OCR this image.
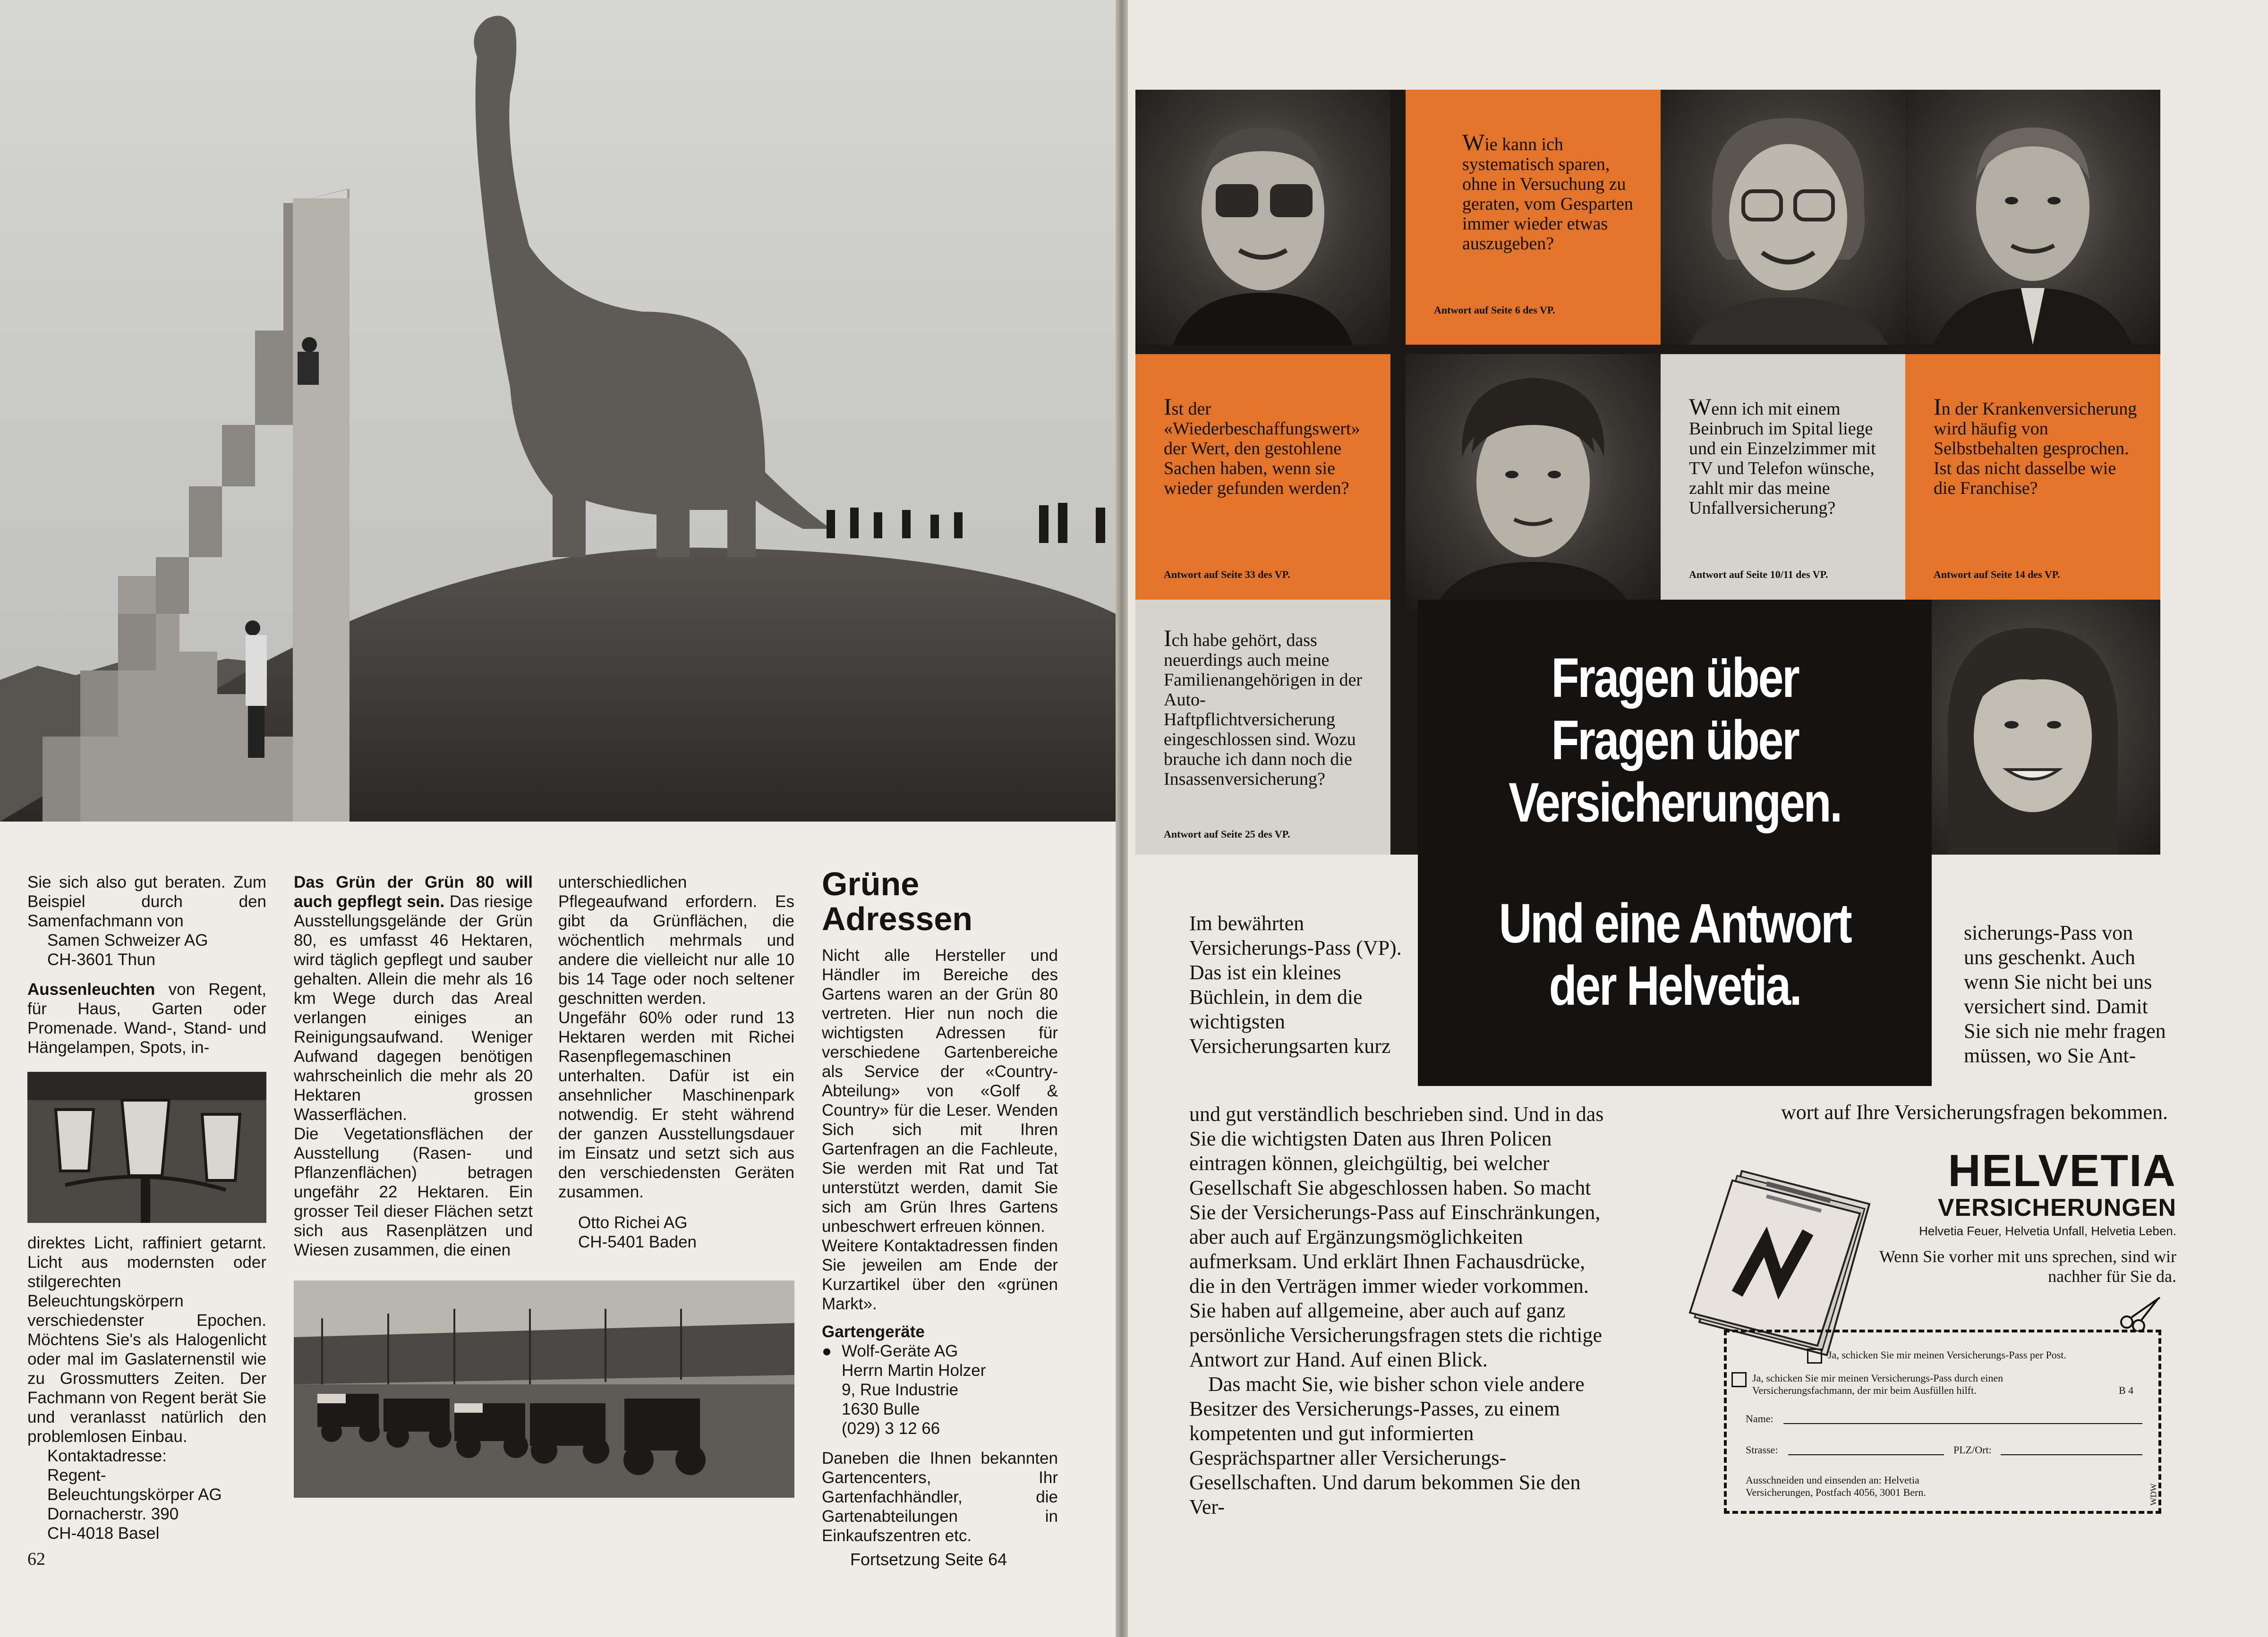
Sie sich also gut beraten. Zum Beispiel durch den Samenfachmann von

Samen Schweizer AG

CH-3601 Thun

Aussenleuchten von Regent, für Haus, Garten oder Promenade. Wand-, Stand- und Hängelampen, Spots, in-

direktes Licht, raffiniert getarnt. Licht aus modernsten oder stilgerechten Beleuchtungskörpern verschiedenster Epochen. Möchtens Sie's als Halogenlicht oder mal im Gaslaternenstil wie zu Grossmutters Zeiten. Der Fachmann von Regent berät Sie und veranlasst natürlich den problemlosen Einbau.

Kontaktadresse:

Regent-

Beleuchtungskörper AG

Dornacherstr. 390

CH-4018 Basel

Das Grün der Grün 80 will auch gepflegt sein. Das riesige Ausstellungsgelände der Grün 80, es umfasst 46 Hektaren, wird täglich gepflegt und sauber gehalten. Allein die mehr als 16 km Wege durch das Areal verlangen einiges an Reinigungsaufwand. Weniger Aufwand dagegen benötigen wahrscheinlich die mehr als 20 Hektaren grossen Wasserflächen.

Die Vegetationsflächen der Ausstellung (Rasen- und Pflanzenflächen) betragen ungefähr 22 Hektaren. Ein grosser Teil dieser Flächen setzt sich aus Rasenplätzen und Wiesen zusammen, die einen

unterschiedlichen Pflegeaufwand erfordern. Es gibt da Grünflächen, die wöchentlich mehrmals und andere die vielleicht nur alle 10 bis 14 Tage oder noch seltener geschnitten werden.

Ungefähr 60% oder rund 13 Hektaren werden mit Richei Rasenpflegemaschinen unterhalten. Dafür ist ein ansehnlicher Maschinenpark notwendig. Er steht während der ganzen Ausstellungsdauer im Einsatz und setzt sich aus den verschiedensten Geräten zusammen.

Otto Richei AG

CH-5401 Baden

Grüne Adressen

Nicht alle Hersteller und Händler im Bereiche des Gartens waren an der Grün 80 vertreten. Hier nun noch die wichtigsten Adressen für verschiedene Gartenbereiche als Service der «Country-Abteilung» von «Golf & Country» für die Leser. Wenden Sich sich mit Ihren Gartenfragen an die Fachleute, Sie werden mit Rat und Tat unterstützt werden, damit Sie sich am Grün Ihres Gartens unbeschwert erfreuen können.

Weitere Kontaktadressen finden Sie jeweilen am Ende der Kurzartikel über den «grünen Markt».

Gartengeräte

● Wolf-Geräte AG

Herrn Martin Holzer

9, Rue Industrie

1630 Bulle

(029) 3 12 66

Daneben die Ihnen bekannten Gartencenters, Ihr Gartenfachhändler, die Gartenabteilungen in Einkaufszentren etc.

62	Fortsetzung Seite 64
Wie kann ich systematisch sparen, ohne in Versuchung zu geraten, vom Gesparten immer wieder etwas auszugeben?
Antwort auf Seite 6 des VP.
Ist der «Wiederbeschaffungswert» der Wert, den gestohlene Sachen haben, wenn sie wieder gefunden werden?
Antwort auf Seite 33 des VP.
Wenn ich mit einem Beinbruch im Spital liege und ein Einzelzimmer mit TV und Telefon wünsche, zahlt mir das meine Unfallversicherung?
Antwort auf Seite 10/11 des VP.
In der Krankenversicherung wird häufig von Selbstbehalten gesprochen. Ist das nicht dasselbe wie die Franchise?
Antwort auf Seite 14 des VP.
Ich habe gehört, dass neuerdings auch meine Familienangehörigen in der Auto-Haftpflichtversicherung eingeschlossen sind. Wozu brauche ich dann noch die Insassenversicherung?
Antwort auf Seite 25 des VP.
Fragen über Fragen über Versicherungen.
Und eine Antwort der Helvetia.
Im bewährten Versicherungs-Pass (VP). Das ist ein kleines Büchlein, in dem die wichtigsten Versicherungsarten kurz

und gut verständlich beschrieben sind. Und in das Sie die wichtigsten Daten aus Ihren Policen eintragen können, gleichgültig, bei welcher Gesellschaft Sie abgeschlossen haben. So macht Sie der Versicherungs-Pass auf Einschränkungen, aber auch auf Ergänzungsmöglichkeiten aufmerksam. Und erklärt Ihnen Fachausdrücke, die in den Verträgen immer wieder vorkommen. Sie haben auf allgemeine, aber auch auf ganz persönliche Versicherungsfragen stets die richtige Antwort zur Hand. Auf einen Blick.

Das macht Sie, wie bisher schon viele andere Besitzer des Versicherungs-Passes, zu einem kompetenten und gut informierten Gesprächspartner aller Versicherungs-Gesellschaften. Und darum bekommen Sie den Ver-

sicherungs-Pass von uns geschenkt. Auch wenn Sie nicht bei uns versichert sind. Damit Sie sich nie mehr fragen müssen, wo Sie Ant-
wort auf Ihre Versicherungsfragen bekommen.
HELVETIA
VERSICHERUNGEN
Helvetia Feuer, Helvetia Unfall, Helvetia Leben.
Wenn Sie vorher mit uns sprechen, sind wir nachher für Sie da.
Ja, schicken Sie mir meinen Versicherungs-Pass per Post.
Ja, schicken Sie mir meinen Versicherungs-Pass durch einen Versicherungsfachmann, der mir beim Ausfüllen hilft.	B 4
Name:
Strasse:	PLZ/Ort:
Ausschneiden und einsenden an: Helvetia Versicherungen, Postfach 4056, 3001 Bern.	WDW
